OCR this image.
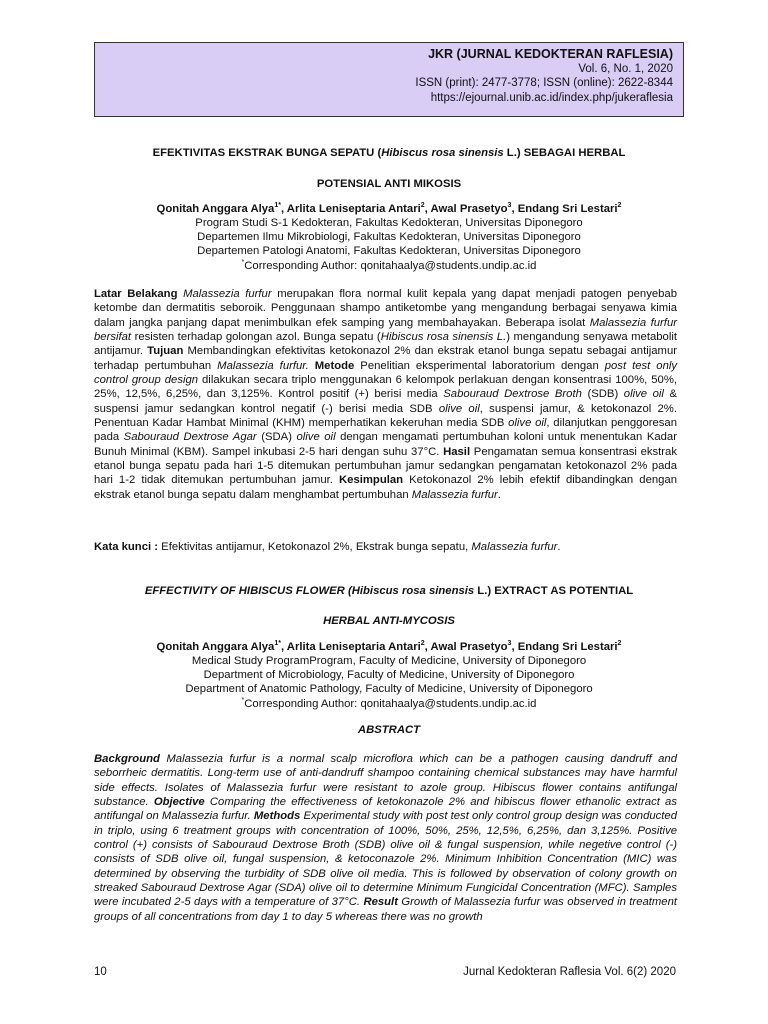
JKR (JURNAL KEDOKTERAN RAFLESIA)
Vol. 6, No. 1, 2020
ISSN (print): 2477-3778; ISSN (online): 2622-8344
https://ejournal.unib.ac.id/index.php/jukeraflesia
EFEKTIVITAS EKSTRAK BUNGA SEPATU (Hibiscus rosa sinensis L.) SEBAGAI HERBAL
POTENSIAL ANTI MIKOSIS
Qonitah Anggara Alya$^{1*}$, Arlita Leniseptaria Antari$^2$, Awal Prasetyo$^3$, Endang Sri Lestari$^2$
Program Studi S-1 Kedokteran, Fakultas Kedokteran, Universitas Diponegoro
Departemen Ilmu Mikrobiologi, Fakultas Kedokteran, Universitas Diponegoro
Departemen Patologi Anatomi, Fakultas Kedokteran, Universitas Diponegoro
*Corresponding Author: qonitahaalya@students.undip.ac.id
Latar Belakang Malassezia furfur merupakan flora normal kulit kepala yang dapat menjadi patogen penyebab ketombe dan dermatitis seboroik. Penggunaan shampo antiketombe yang mengandung berbagai senyawa kimia dalam jangka panjang dapat menimbulkan efek samping yang membahayakan. Beberapa isolat Malassezia furfur bersifat resisten terhadap golongan azol. Bunga sepatu (Hibiscus rosa sinensis L.) mengandung senyawa metabolit antijamur. Tujuan Membandingkan efektivitas ketokonazol 2% dan ekstrak etanol bunga sepatu sebagai antijamur terhadap pertumbuhan Malassezia furfur. Metode Penelitian eksperimental laboratorium dengan post test only control group design dilakukan secara triplo menggunakan 6 kelompok perlakuan dengan konsentrasi 100%, 50%, 25%, 12,5%, 6,25%, dan 3,125%. Kontrol positif (+) berisi media Sabouraud Dextrose Broth (SDB) olive oil & suspensi jamur sedangkan kontrol negatif (-) berisi media SDB olive oil, suspensi jamur, & ketokonazol 2%. Penentuan Kadar Hambat Minimal (KHM) memperhatikan kekeruhan media SDB olive oil, dilanjutkan penggoresan pada Sabouraud Dextrose Agar (SDA) olive oil dengan mengamati pertumbuhan koloni untuk menentukan Kadar Bunuh Minimal (KBM). Sampel inkubasi 2-5 hari dengan suhu 37°C. Hasil Pengamatan semua konsentrasi ekstrak etanol bunga sepatu pada hari 1-5 ditemukan pertumbuhan jamur sedangkan pengamatan ketokonazol 2% pada hari 1-2 tidak ditemukan pertumbuhan jamur. Kesimpulan Ketokonazol 2% lebih efektif dibandingkan dengan ekstrak etanol bunga sepatu dalam menghambat pertumbuhan Malassezia furfur.
Kata kunci : Efektivitas antijamur, Ketokonazol 2%, Ekstrak bunga sepatu, Malassezia furfur.
EFFECTIVITY OF HIBISCUS FLOWER (Hibiscus rosa sinensis L.) EXTRACT AS POTENTIAL
HERBAL ANTI-MYCOSIS
Qonitah Anggara Alya$^{1*}$, Arlita Leniseptaria Antari$^2$, Awal Prasetyo$^3$, Endang Sri Lestari$^2$
Medical Study ProgramProgram, Faculty of Medicine, University of Diponegoro
Department of Microbiology, Faculty of Medicine, University of Diponegoro
Department of Anatomic Pathology, Faculty of Medicine, University of Diponegoro
*Corresponding Author: qonitahaalya@students.undip.ac.id
ABSTRACT
Background Malassezia furfur is a normal scalp microflora which can be a pathogen causing dandruff and seborrheic dermatitis. Long-term use of anti-dandruff shampoo containing chemical substances may have harmful side effects. Isolates of Malassezia furfur were resistant to azole group. Hibiscus flower contains antifungal substance. Objective Comparing the effectiveness of ketokonazole 2% and hibiscus flower ethanolic extract as antifungal on Malassezia furfur. Methods Experimental study with post test only control group design was conducted in triplo, using 6 treatment groups with concentration of 100%, 50%, 25%, 12,5%, 6,25%, dan 3,125%. Positive control (+) consists of Sabouraud Dextrose Broth (SDB) olive oil & fungal suspension, while negetive control (-) consists of SDB olive oil, fungal suspension, & ketoconazole 2%. Minimum Inhibition Concentration (MIC) was determined by observing the turbidity of SDB olive oil media. This is followed by observation of colony growth on streaked Sabouraud Dextrose Agar (SDA) olive oil to determine Minimum Fungicidal Concentration (MFC). Samples were incubated 2-5 days with a temperature of 37°C. Result Growth of Malassezia furfur was observed in treatment groups of all concentrations from day 1 to day 5 whereas there was no growth
10	Jurnal Kedokteran Raflesia Vol. 6(2) 2020
